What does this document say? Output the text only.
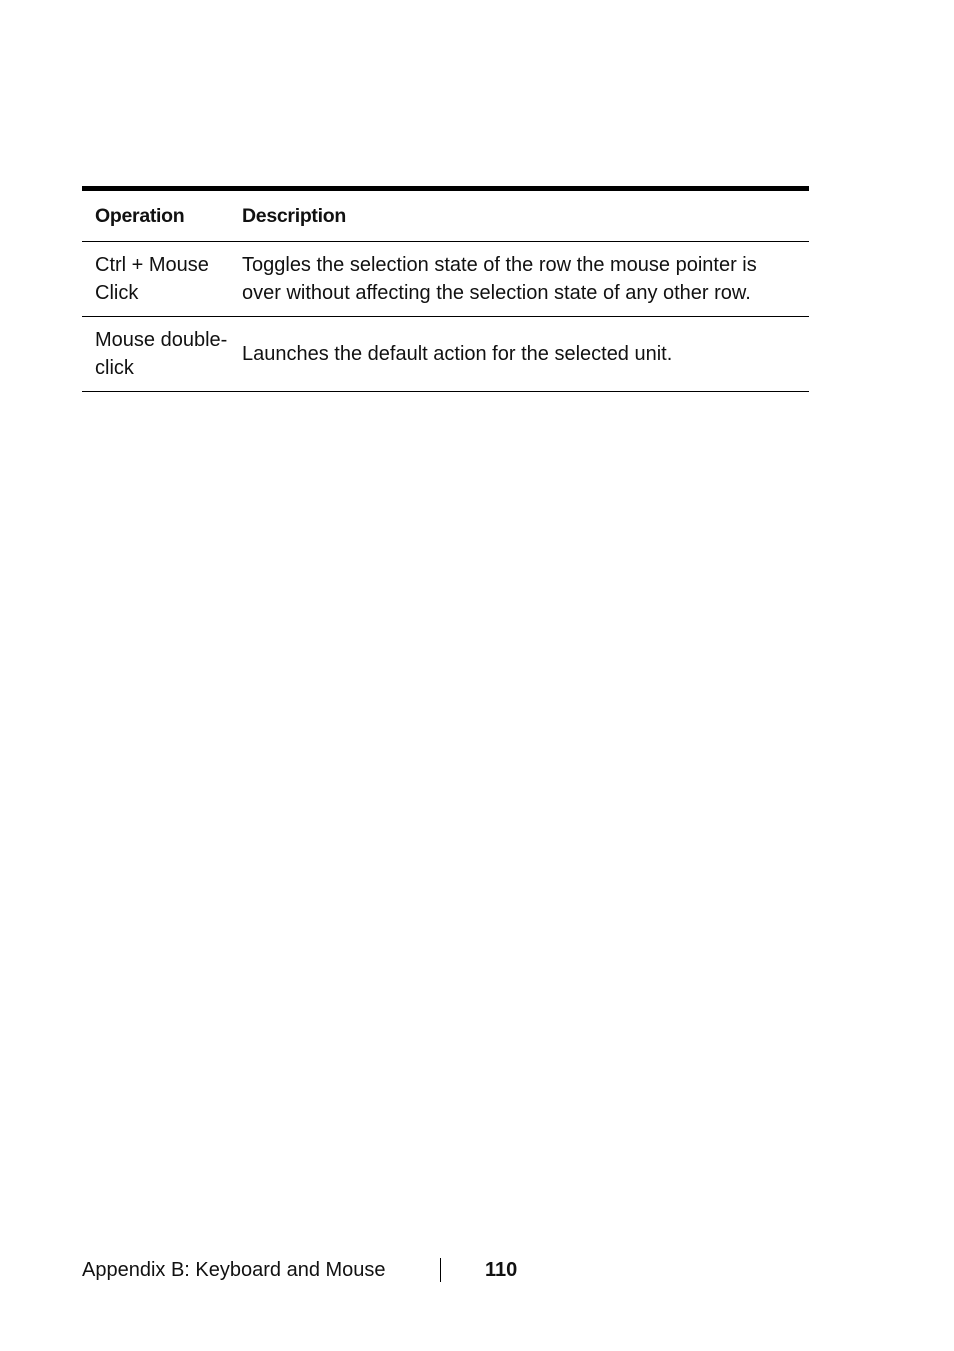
Operation	Description
Ctrl + Mouse Click
Toggles the selection state of the row the mouse pointer is over without affecting the selection state of any other row.
Mouse double-click
Launches the default action for the selected unit.
Appendix B: Keyboard and Mouse	110
